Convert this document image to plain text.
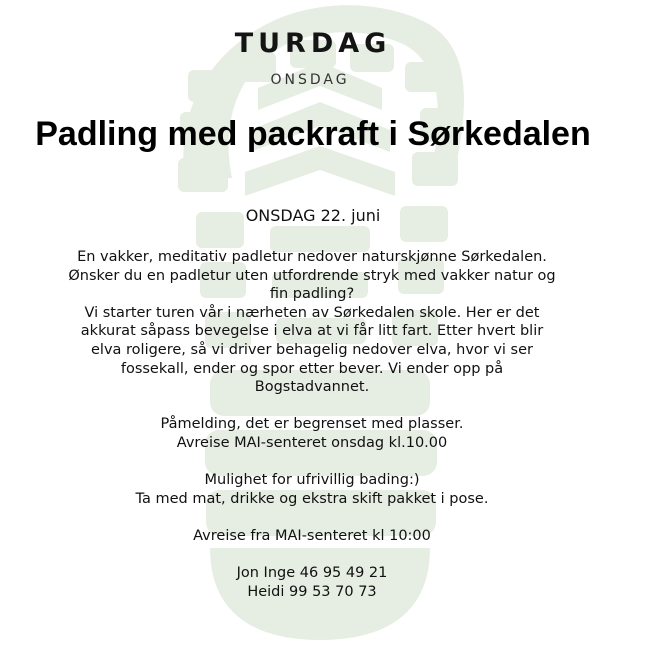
TURDAG
ONSDAG
Padling med packraft i Sørkedalen
ONSDAG 22. juni

En vakker, meditativ padletur nedover naturskjønne Sørkedalen.

Ønsker du en padletur uten utfordrende stryk med vakker natur og

fin padling?

Vi starter turen vår i nærheten av Sørkedalen skole. Her er det

akkurat såpass bevegelse i elva at vi får litt fart. Etter hvert blir

elva roligere, så vi driver behagelig nedover elva, hvor vi ser

fossekall, ender og spor etter bever. Vi ender opp på

Bogstadvannet.

Påmelding, det er begrenset med plasser.

Avreise MAI-senteret onsdag kl.10.00

Mulighet for ufrivillig bading:)

Ta med mat, drikke og ekstra skift pakket i pose.

Avreise fra MAI-senteret kl 10:00

Jon Inge 46 95 49 21

Heidi 99 53 70 73
